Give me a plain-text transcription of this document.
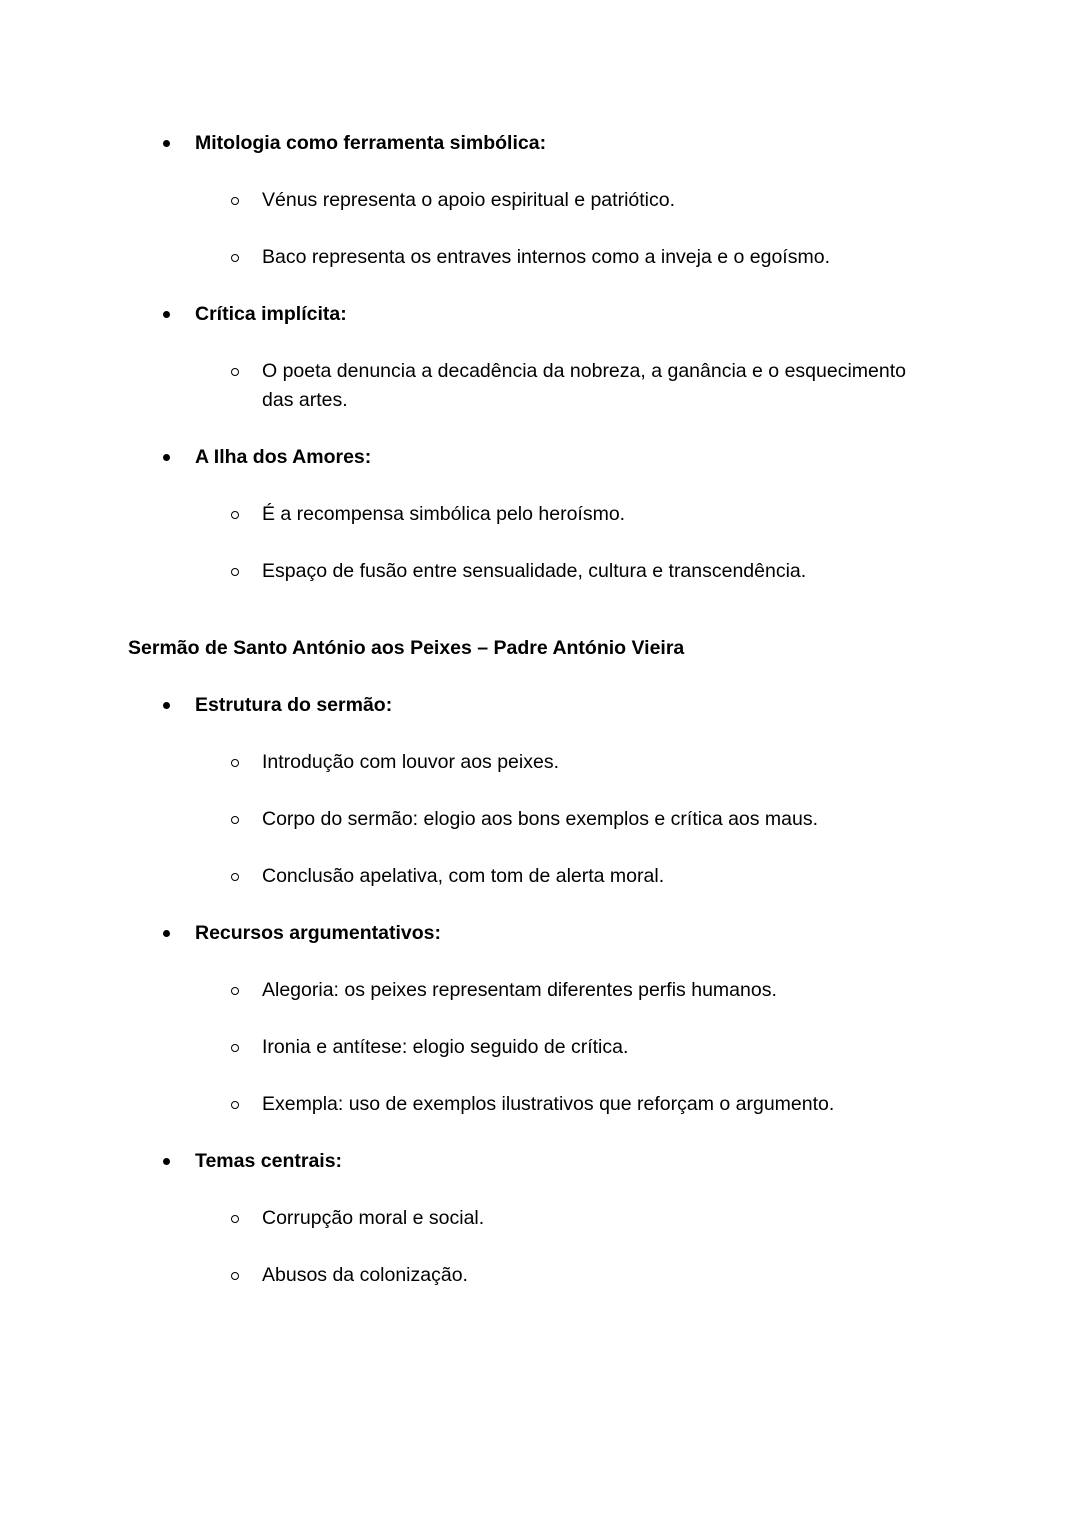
Mitologia como ferramenta simbólica:
Vénus representa o apoio espiritual e patriótico.
Baco representa os entraves internos como a inveja e o egoísmo.
Crítica implícita:
O poeta denuncia a decadência da nobreza, a ganância e o esquecimento das artes.
A Ilha dos Amores:
É a recompensa simbólica pelo heroísmo.
Espaço de fusão entre sensualidade, cultura e transcendência.
Sermão de Santo António aos Peixes – Padre António Vieira
Estrutura do sermão:
Introdução com louvor aos peixes.
Corpo do sermão: elogio aos bons exemplos e crítica aos maus.
Conclusão apelativa, com tom de alerta moral.
Recursos argumentativos:
Alegoria: os peixes representam diferentes perfis humanos.
Ironia e antítese: elogio seguido de crítica.
Exempla: uso de exemplos ilustrativos que reforçam o argumento.
Temas centrais:
Corrupção moral e social.
Abusos da colonização.
